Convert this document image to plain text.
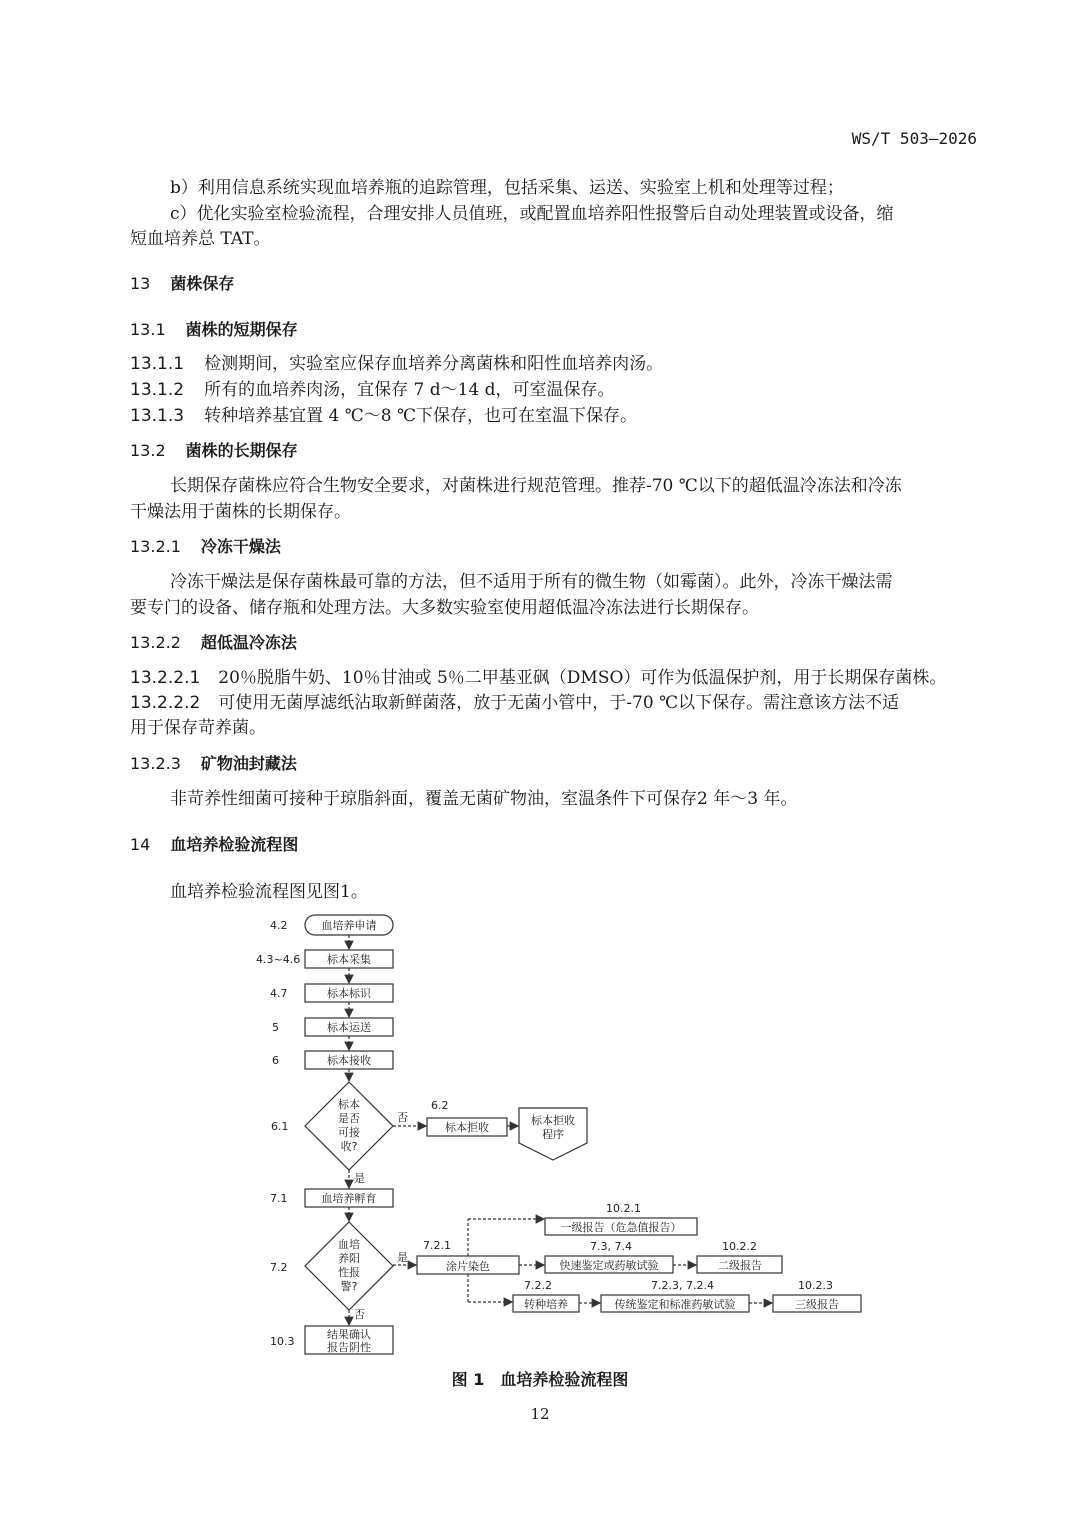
WS/T 503—2026
b）利用信息系统实现血培养瓶的追踪管理，包括采集、运送、实验室上机和处理等过程；
c）优化实验室检验流程，合理安排人员值班，或配置血培养阳性报警后自动处理装置或设备，缩
短血培养总 TAT。
13 菌株保存
13.1 菌株的短期保存
13.1.1 检测期间，实验室应保存血培养分离菌株和阳性血培养肉汤。
13.1.2 所有的血培养肉汤，宜保存 7 d～14 d，可室温保存。
13.1.3 转种培养基宜置 4 ℃～8 ℃下保存，也可在室温下保存。
13.2 菌株的长期保存
长期保存菌株应符合生物安全要求，对菌株进行规范管理。推荐-70 ℃以下的超低温冷冻法和冷冻
干燥法用于菌株的长期保存。
13.2.1 冷冻干燥法
冷冻干燥法是保存菌株最可靠的方法，但不适用于所有的微生物（如霉菌）。此外，冷冻干燥法需
要专门的设备、储存瓶和处理方法。大多数实验室使用超低温冷冻法进行长期保存。
13.2.2 超低温冷冻法
13.2.2.1 20％脱脂牛奶、10％甘油或 5％二甲基亚砜（DMSO）可作为低温保护剂，用于长期保存菌株。
13.2.2.2 可使用无菌厚滤纸沾取新鲜菌落，放于无菌小管中，于-70 ℃以下保存。需注意该方法不适
用于保存苛养菌。
13.2.3 矿物油封藏法
非苛养性细菌可接种于琼脂斜面，覆盖无菌矿物油，室温条件下可保存2 年～3 年。
14 血培养检验流程图
血培养检验流程图见图1。
4.2	血培养申请
4.3~4.6 标本采集
4.7	标本标识
5	标本运送
6	标本接收
6.1
标本
是否
可接
收?
否
是
6.2
标本拒收
标本拒收
程序
7.1	血培养孵育
7.2
血培
养阳
性报
警?
是
否
7.2.1
涂片染色
10.2.1
一级报告（危急值报告）
7.3, 7.4
快速鉴定或药敏试验
10.2.2
二级报告
7.2.2
转种培养
7.2.3, 7.2.4
传统鉴定和标准药敏试验
10.2.3
三级报告
10.3
结果确认
报告阴性
图 1　血培养检验流程图
12
